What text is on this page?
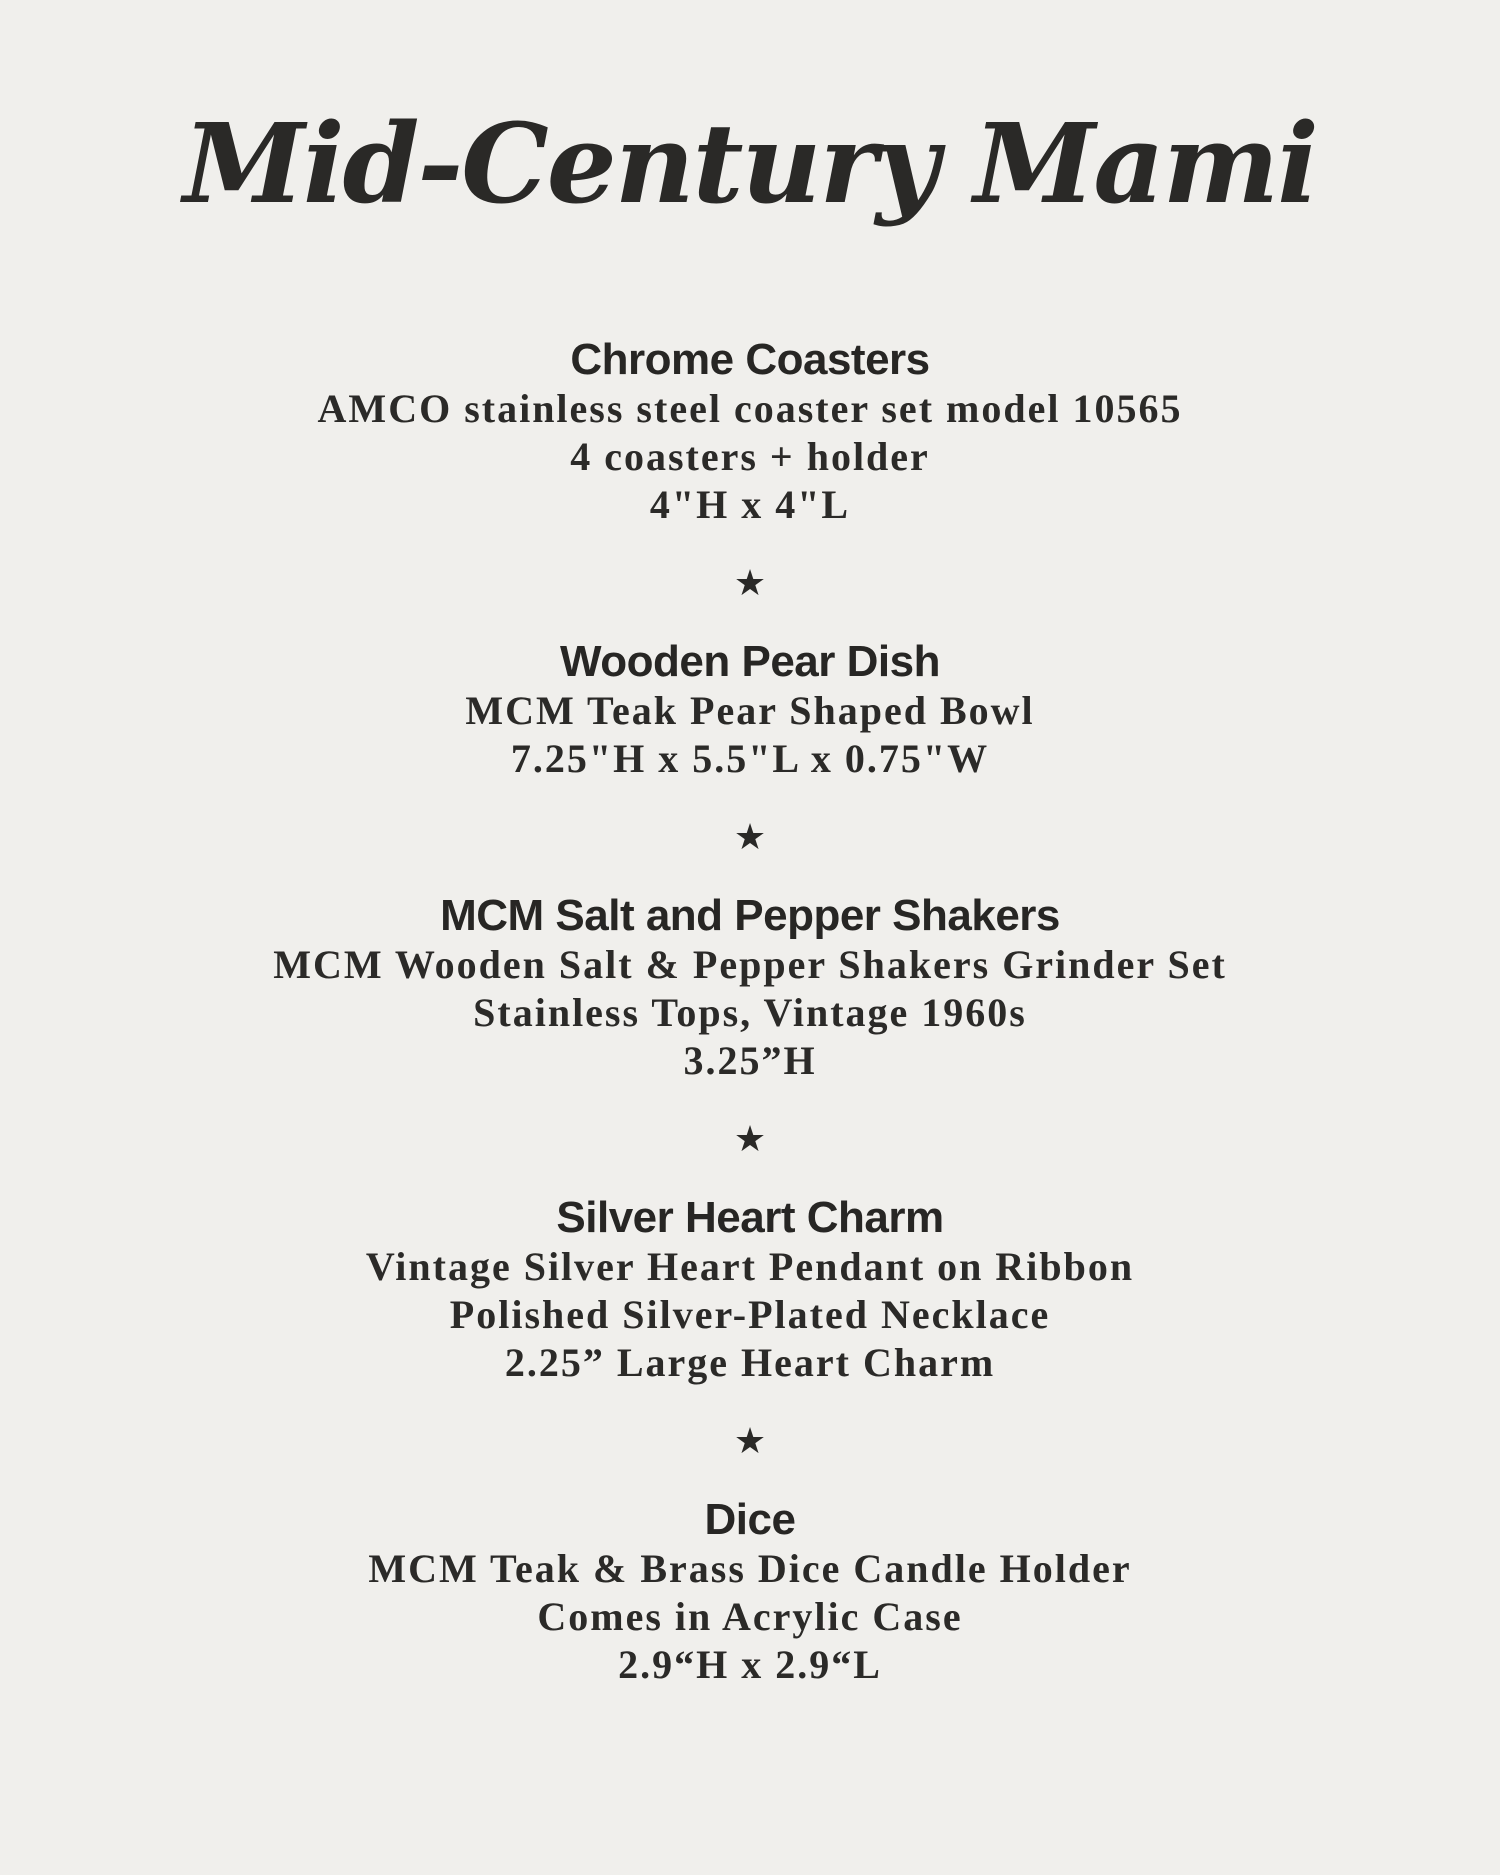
Mid-Century Mami
Chrome Coasters

AMCO stainless steel coaster set model 10565

4 coasters + holder

4"H x 4"L

★
Wooden Pear Dish

MCM Teak Pear Shaped Bowl

7.25"H x 5.5"L x 0.75"W

★
MCM Salt and Pepper Shakers

MCM Wooden Salt & Pepper Shakers Grinder Set

Stainless Tops, Vintage 1960s

3.25”H

★
Silver Heart Charm

Vintage Silver Heart Pendant on Ribbon

Polished Silver-Plated Necklace

2.25” Large Heart Charm

★
Dice

MCM Teak & Brass Dice Candle Holder

Comes in Acrylic Case

2.9“H x 2.9“L
